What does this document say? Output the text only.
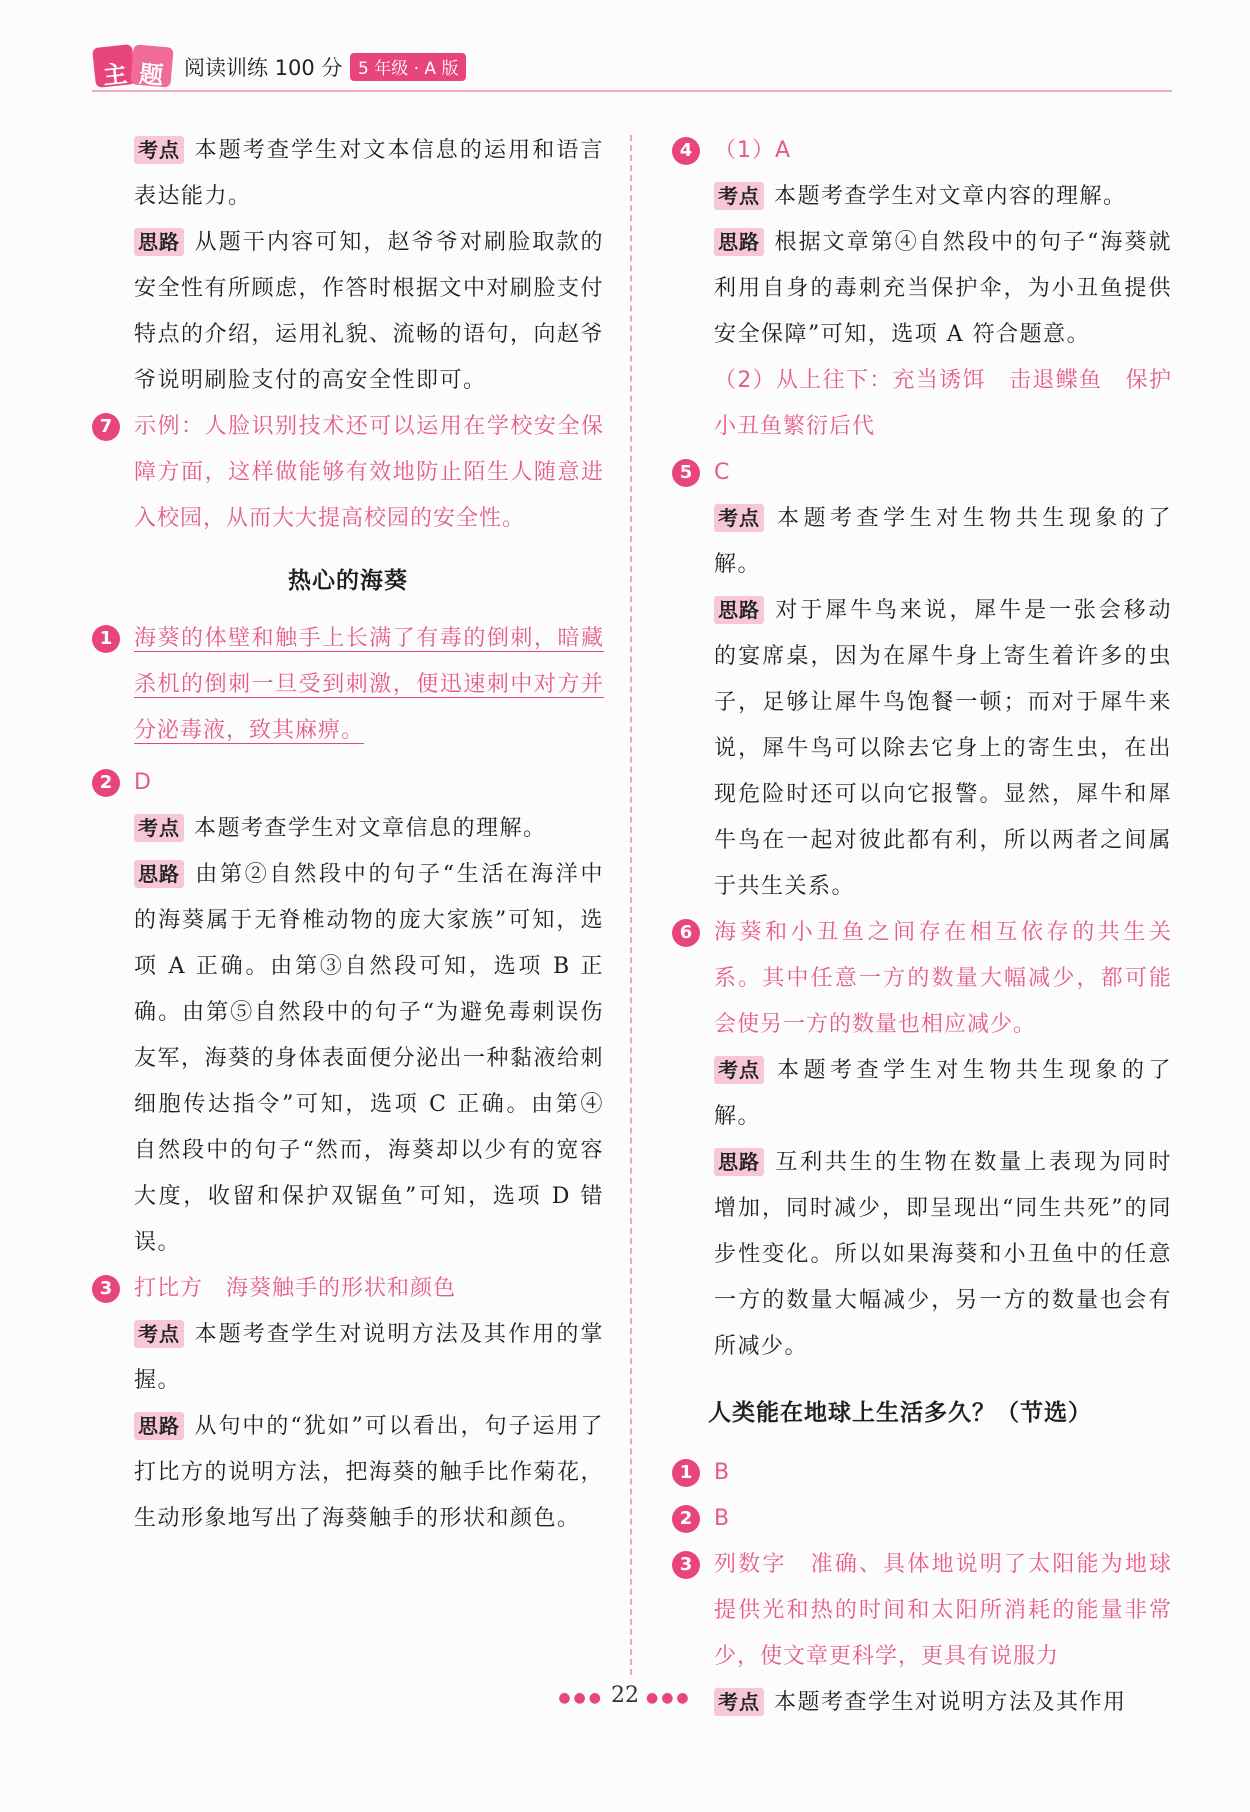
主 题 阅读训练 100 分 5 年级 · A 版

考点 本题考查学生对文本信息的运用和语言表达能力。

思路 从题干内容可知，赵爷爷对刷脸取款的安全性有所顾虑，作答时根据文中对刷脸支付特点的介绍，运用礼貌、流畅的语句，向赵爷爷说明刷脸支付的高安全性即可。

7 示例：人脸识别技术还可以运用在学校安全保障方面，这样做能够有效地防止陌生人随意进入校园，从而大大提高校园的安全性。

热心的海葵

1 海葵的体壁和触手上长满了有毒的倒刺，暗藏杀机的倒刺一旦受到刺激，便迅速刺中对方并分泌毒液，致其麻痹。

2 D

考点 本题考查学生对文章信息的理解。

思路 由第②自然段中的句子“生活在海洋中的海葵属于无脊椎动物的庞大家族”可知，选项 A 正确。由第③自然段可知，选项 B 正确。由第⑤自然段中的句子“为避免毒刺误伤友军，海葵的身体表面便分泌出一种黏液给刺细胞传达指令”可知，选项 C 正确。由第④自然段中的句子“然而，海葵却以少有的宽容大度，收留和保护双锯鱼”可知，选项 D 错误。

3 打比方　海葵触手的形状和颜色

考点 本题考查学生对说明方法及其作用的掌握。

思路 从句中的“犹如”可以看出，句子运用了打比方的说明方法，把海葵的触手比作菊花，生动形象地写出了海葵触手的形状和颜色。

4 （1）A

考点 本题考查学生对文章内容的理解。

思路 根据文章第④自然段中的句子“海葵就利用自身的毒刺充当保护伞，为小丑鱼提供安全保障”可知，选项 A 符合题意。

（2）从上往下：充当诱饵　击退鲽鱼　保护小丑鱼繁衍后代

5 C

考点 本题考查学生对生物共生现象的了解。

思路 对于犀牛鸟来说，犀牛是一张会移动的宴席桌，因为在犀牛身上寄生着许多的虫子，足够让犀牛鸟饱餐一顿；而对于犀牛来说，犀牛鸟可以除去它身上的寄生虫，在出现危险时还可以向它报警。显然，犀牛和犀牛鸟在一起对彼此都有利，所以两者之间属于共生关系。

6 海葵和小丑鱼之间存在相互依存的共生关系。其中任意一方的数量大幅减少，都可能会使另一方的数量也相应减少。

考点 本题考查学生对生物共生现象的了解。

思路 互利共生的生物在数量上表现为同时增加，同时减少，即呈现出“同生共死”的同步性变化。所以如果海葵和小丑鱼中的任意一方的数量大幅减少，另一方的数量也会有所减少。

人类能在地球上生活多久？（节选）

1 B

2 B

3 列数字　准确、具体地说明了太阳能为地球提供光和热的时间和太阳所消耗的能量非常少，使文章更科学，更具有说服力

考点 本题考查学生对说明方法及其作用

●●● 22 ●●●
